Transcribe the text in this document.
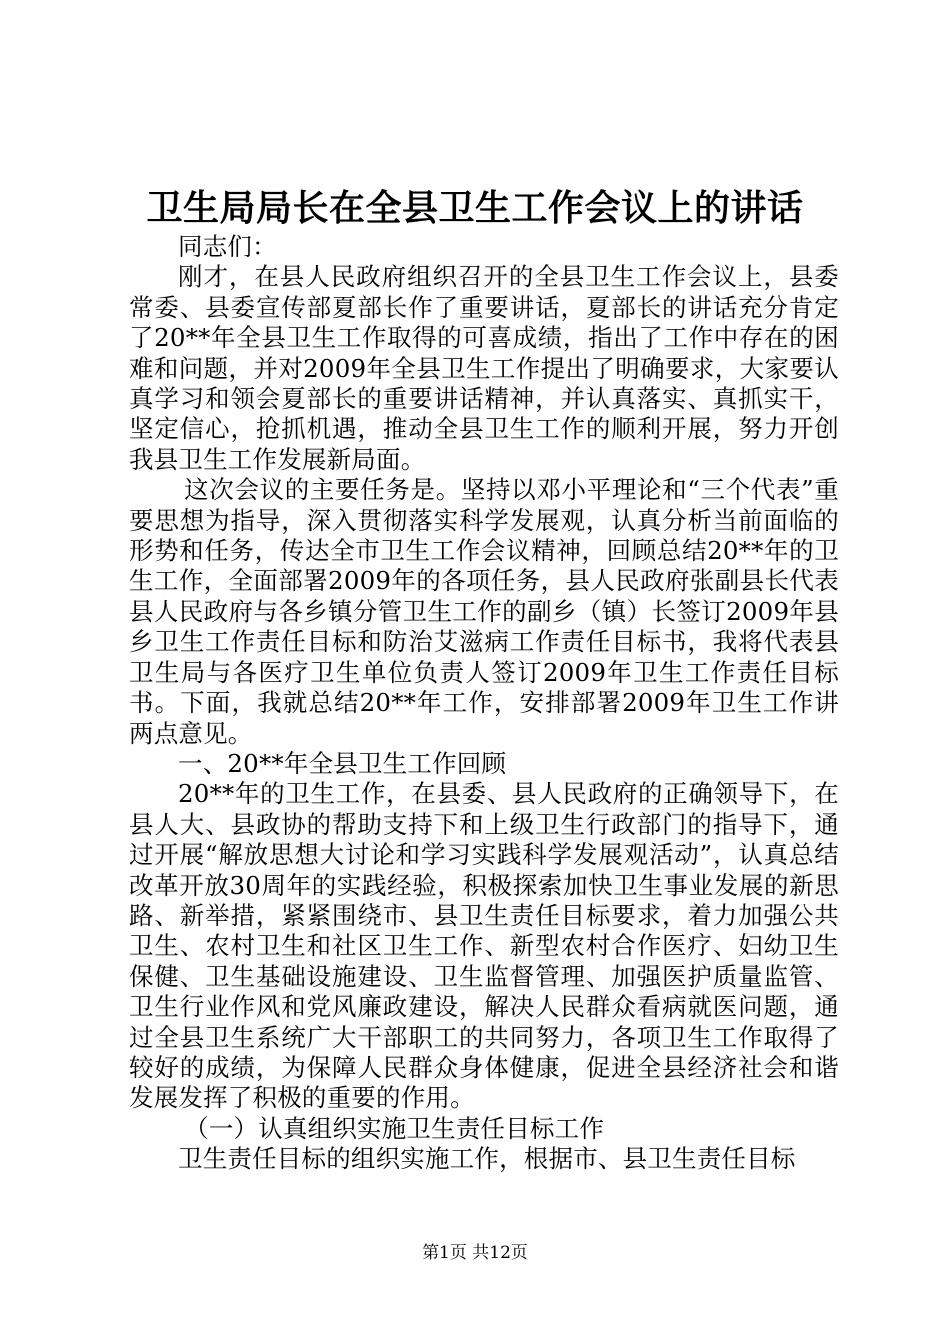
卫生局局长在全县卫生工作会议上的讲话

同志们：

刚才，在县人民政府组织召开的全县卫生工作会议上，县委常委、县委宣传部夏部长作了重要讲话，夏部长的讲话充分肯定了20**年全县卫生工作取得的可喜成绩，指出了工作中存在的困难和问题，并对2009年全县卫生工作提出了明确要求，大家要认真学习和领会夏部长的重要讲话精神，并认真落实、真抓实干，坚定信心，抢抓机遇，推动全县卫生工作的顺利开展，努力开创我县卫生工作发展新局面。

这次会议的主要任务是。坚持以邓小平理论和“三个代表”重要思想为指导，深入贯彻落实科学发展观，认真分析当前面临的形势和任务，传达全市卫生工作会议精神，回顾总结20**年的卫生工作，全面部署2009年的各项任务，县人民政府张副县长代表县人民政府与各乡镇分管卫生工作的副乡（镇）长签订2009年县乡卫生工作责任目标和防治艾滋病工作责任目标书，我将代表县卫生局与各医疗卫生单位负责人签订2009年卫生工作责任目标书。下面，我就总结20**年工作，安排部署2009年卫生工作讲两点意见。

一、20**年全县卫生工作回顾

20**年的卫生工作，在县委、县人民政府的正确领导下，在县人大、县政协的帮助支持下和上级卫生行政部门的指导下，通过开展“解放思想大讨论和学习实践科学发展观活动”，认真总结改革开放30周年的实践经验，积极探索加快卫生事业发展的新思路、新举措，紧紧围绕市、县卫生责任目标要求，着力加强公共卫生、农村卫生和社区卫生工作、新型农村合作医疗、妇幼卫生保健、卫生基础设施建设、卫生监督管理、加强医护质量监管、卫生行业作风和党风廉政建设，解决人民群众看病就医问题，通过全县卫生系统广大干部职工的共同努力，各项卫生工作取得了较好的成绩，为保障人民群众身体健康，促进全县经济社会和谐发展发挥了积极的重要的作用。

（一）认真组织实施卫生责任目标工作

卫生责任目标的组织实施工作，根据市、县卫生责任目标

第1页 共12页
